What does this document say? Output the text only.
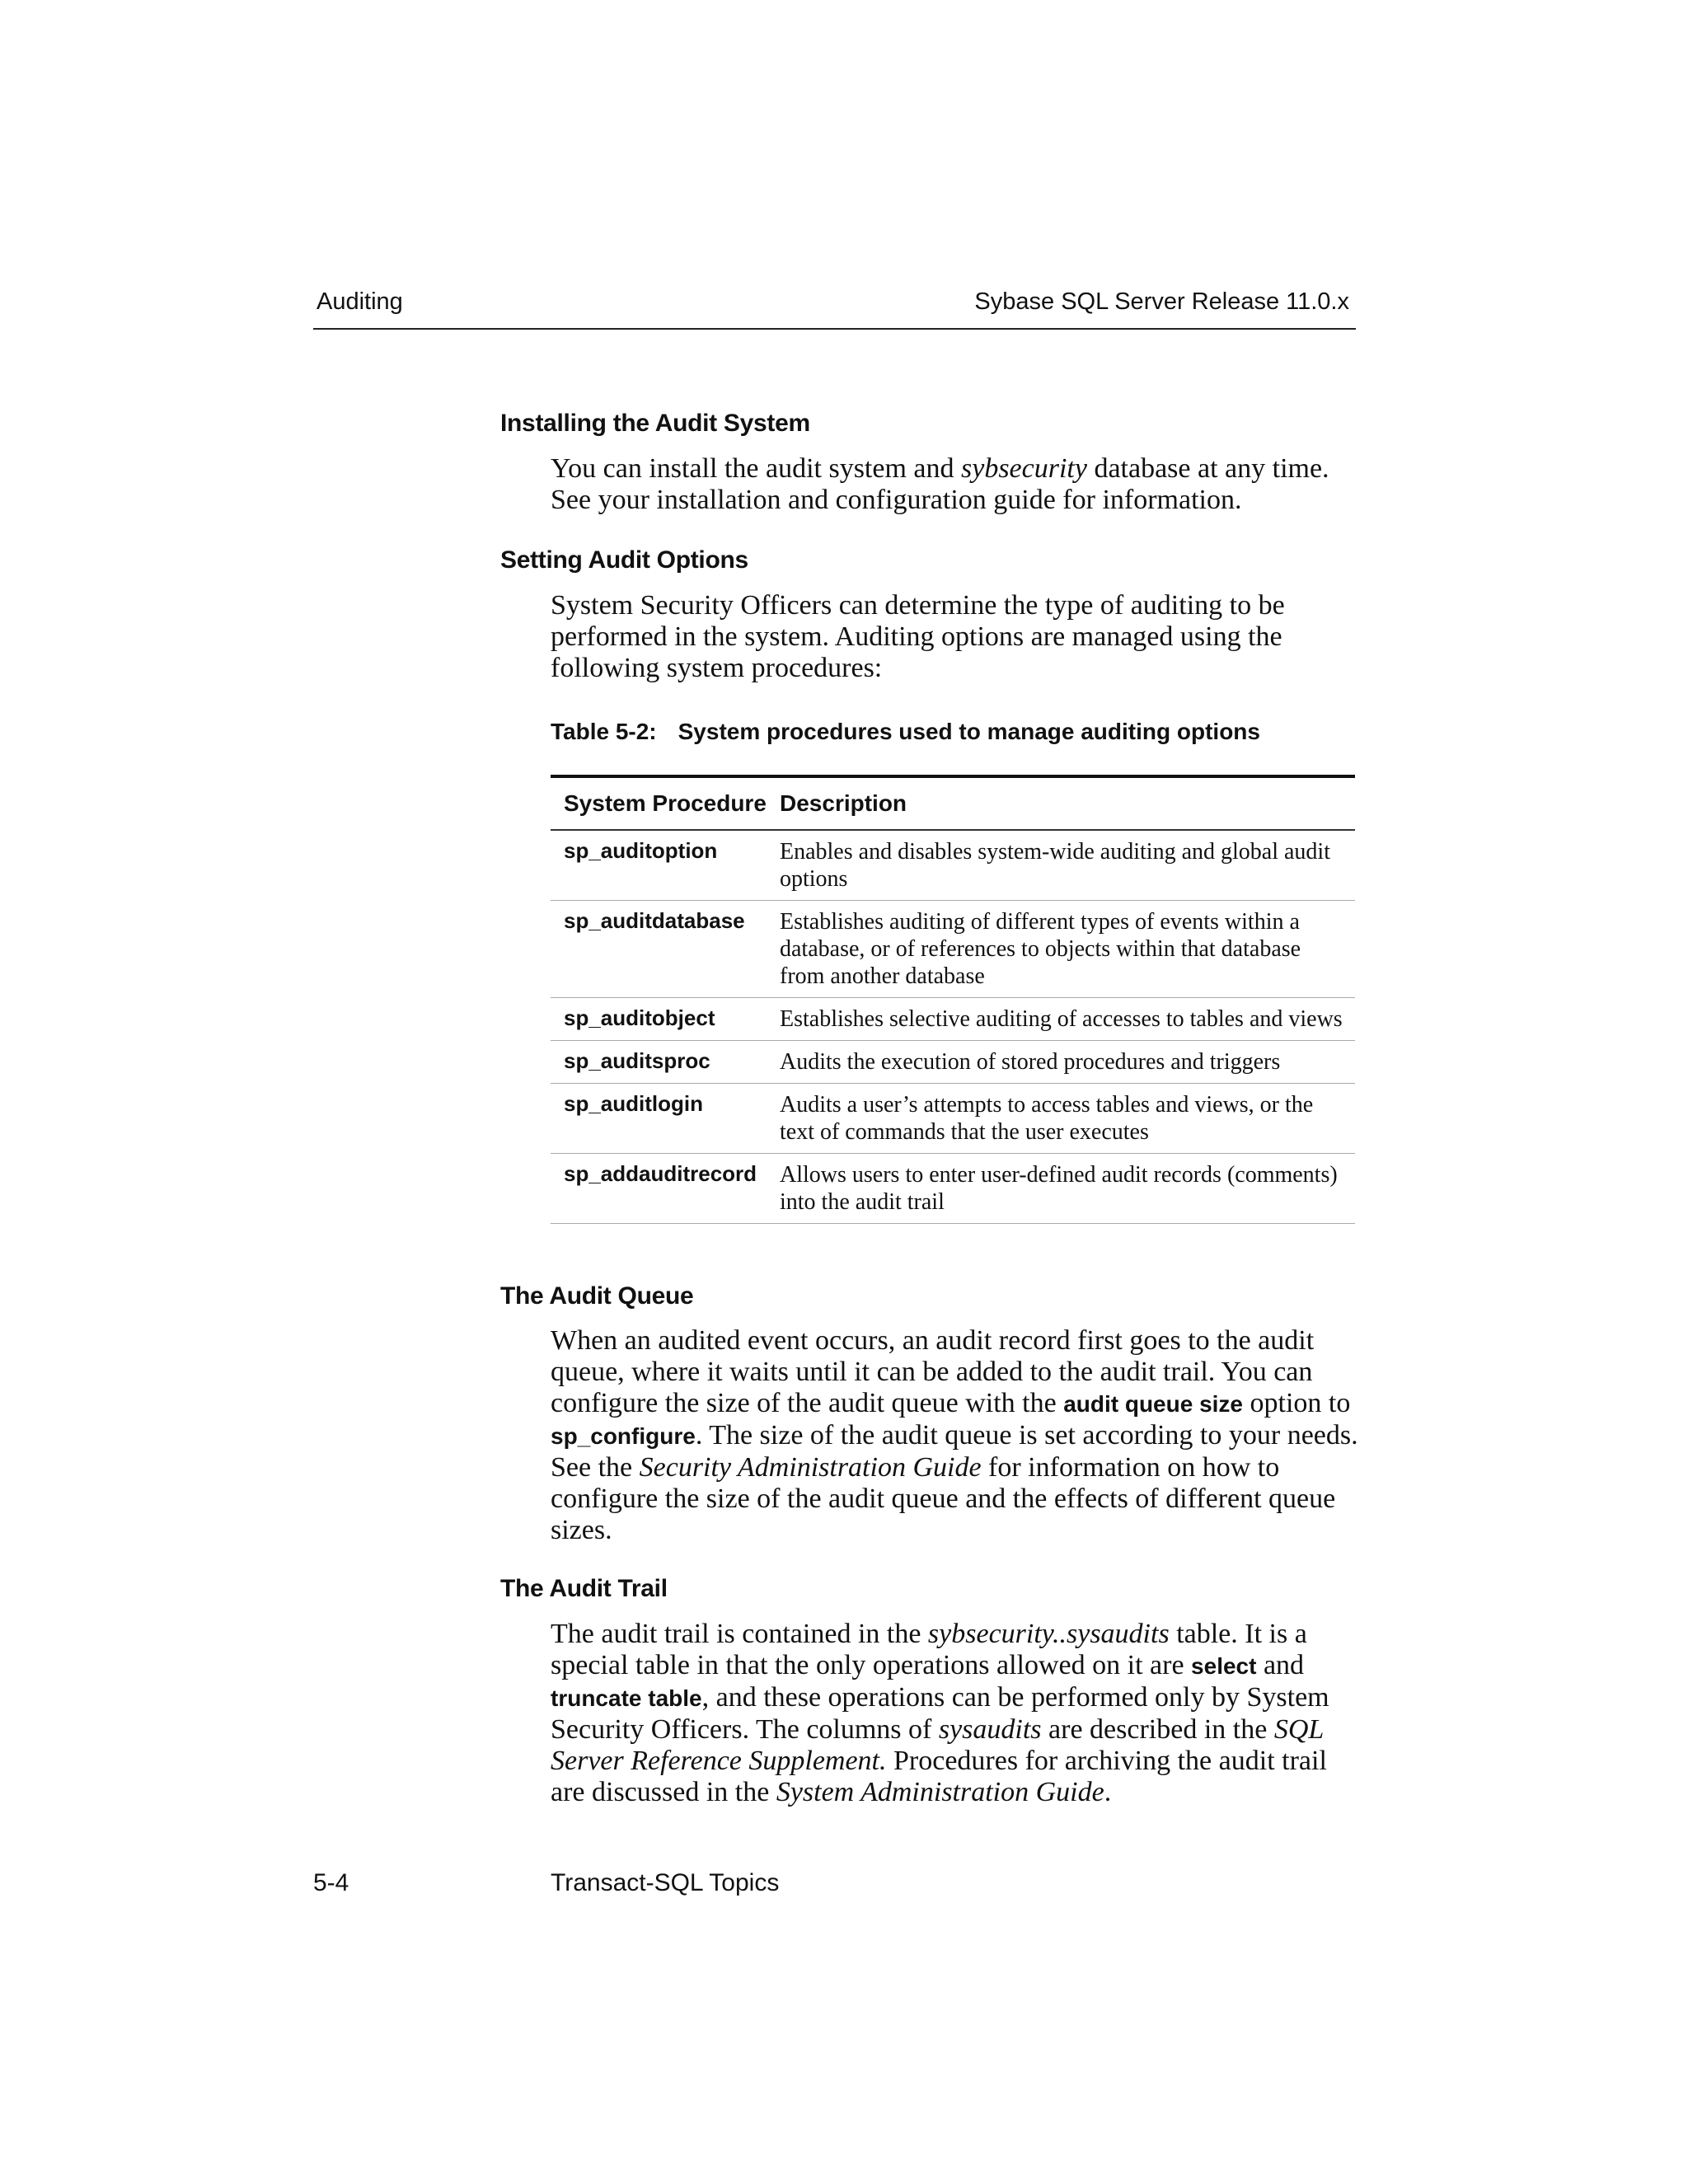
Auditing	Sybase SQL Server Release 11.0.x
Installing the Audit System
You can install the audit system and sybsecurity database at any time. See your installation and configuration guide for information.
Setting Audit Options
System Security Officers can determine the type of auditing to be performed in the system. Auditing options are managed using the following system procedures:
Table 5-2: System procedures used to manage auditing options
System Procedure	Description
sp_auditoption	Enables and disables system-wide auditing and global audit options
sp_auditdatabase	Establishes auditing of different types of events within a database, or of references to objects within that database from another database
sp_auditobject	Establishes selective auditing of accesses to tables and views
sp_auditsproc	Audits the execution of stored procedures and triggers
sp_auditlogin	Audits a user’s attempts to access tables and views, or the text of commands that the user executes
sp_addauditrecord	Allows users to enter user-defined audit records (comments) into the audit trail
The Audit Queue
When an audited event occurs, an audit record first goes to the audit queue, where it waits until it can be added to the audit trail. You can configure the size of the audit queue with the audit queue size option to sp_configure. The size of the audit queue is set according to your needs. See the Security Administration Guide for information on how to configure the size of the audit queue and the effects of different queue sizes.
The Audit Trail
The audit trail is contained in the sybsecurity..sysaudits table. It is a special table in that the only operations allowed on it are select and truncate table, and these operations can be performed only by System Security Officers. The columns of sysaudits are described in the SQL Server Reference Supplement. Procedures for archiving the audit trail are discussed in the System Administration Guide.
5-4	Transact-SQL Topics
